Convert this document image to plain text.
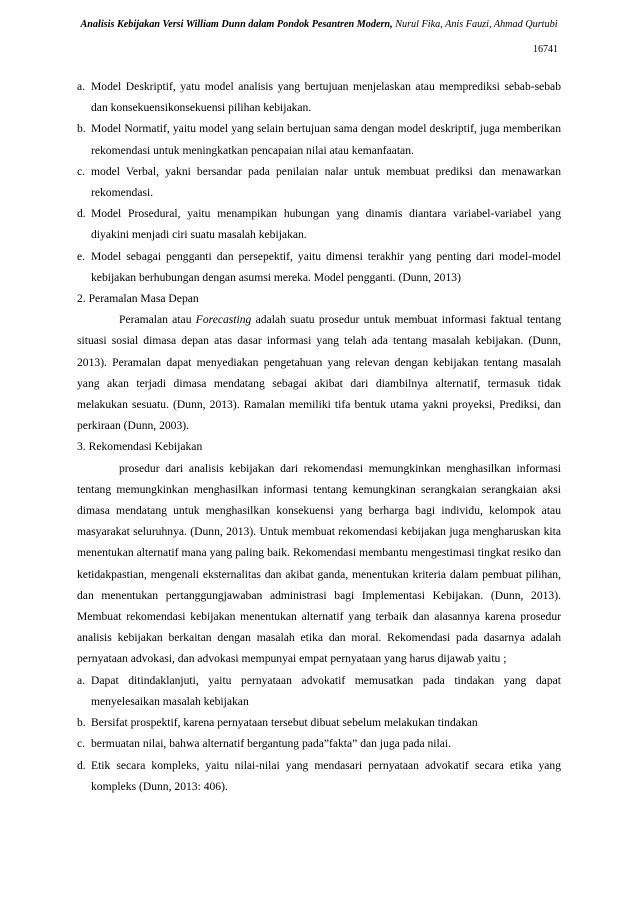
Analisis Kebijakan Versi William Dunn dalam Pondok Pesantren Modern, Nurul Fika, Anis Fauzi, Ahmad Qurtubi
16741

a. Model Deskriptif, yatu model analisis yang bertujuan menjelaskan atau memprediksi sebab-sebab dan konsekuensikonsekuensi pilihan kebijakan.

b. Model Normatif, yaitu model yang selain bertujuan sama dengan model deskriptif, juga memberikan rekomendasi untuk meningkatkan pencapaian nilai atau kemanfaatan.

c. model Verbal, yakni bersandar pada penilaian nalar untuk membuat prediksi dan menawarkan rekomendasi.

d. Model Prosedural, yaitu menampikan hubungan yang dinamis diantara variabel-variabel yang diyakini menjadi ciri suatu masalah kebijakan.

e. Model sebagai pengganti dan persepektif, yaitu dimensi terakhir yang penting dari model-model kebijakan berhubungan dengan asumsi mereka. Model pengganti. (Dunn, 2013)

2. Peramalan Masa Depan

Peramalan atau Forecasting adalah suatu prosedur untuk membuat informasi faktual tentang situasi sosial dimasa depan atas dasar informasi yang telah ada tentang masalah kebijakan. (Dunn, 2013). Peramalan dapat menyediakan pengetahuan yang relevan dengan kebijakan tentang masalah yang akan terjadi dimasa mendatang sebagai akibat dari diambilnya alternatif, termasuk tidak melakukan sesuatu. (Dunn, 2013). Ramalan memiliki tifa bentuk utama yakni proyeksi, Prediksi, dan perkiraan (Dunn, 2003).

3. Rekomendasi Kebijakan

prosedur dari analisis kebijakan dari rekomendasi memungkinkan menghasilkan informasi tentang memungkinkan menghasilkan informasi tentang kemungkinan serangkaian serangkaian aksi dimasa mendatang untuk menghasilkan konsekuensi yang berharga bagi individu, kelompok atau masyarakat seluruhnya. (Dunn, 2013). Untuk membuat rekomendasi kebijakan juga mengharuskan kita menentukan alternatif mana yang paling baik. Rekomendasi membantu mengestimasi tingkat resiko dan ketidakpastian, mengenali eksternalitas dan akibat ganda, menentukan kriteria dalam pembuat pilihan, dan menentukan pertanggungjawaban administrasi bagi Implementasi Kebijakan. (Dunn, 2013). Membuat rekomendasi kebijakan menentukan alternatif yang terbaik dan alasannya karena prosedur analisis kebijakan berkaitan dengan masalah etika dan moral. Rekomendasi pada dasarnya adalah pernyataan advokasi, dan advokasi mempunyai empat pernyataan yang harus dijawab yaitu ;

a. Dapat ditindaklanjuti, yaitu pernyataan advokatif memusatkan pada tindakan yang dapat menyelesaikan masalah kebijakan

b. Bersifat prospektif, karena pernyataan tersebut dibuat sebelum melakukan tindakan

c. bermuatan nilai, bahwa alternatif bergantung pada”fakta” dan juga pada nilai.

d. Etik secara kompleks, yaitu nilai-nilai yang mendasari pernyataan advokatif secara etika yang kompleks (Dunn, 2013: 406).
